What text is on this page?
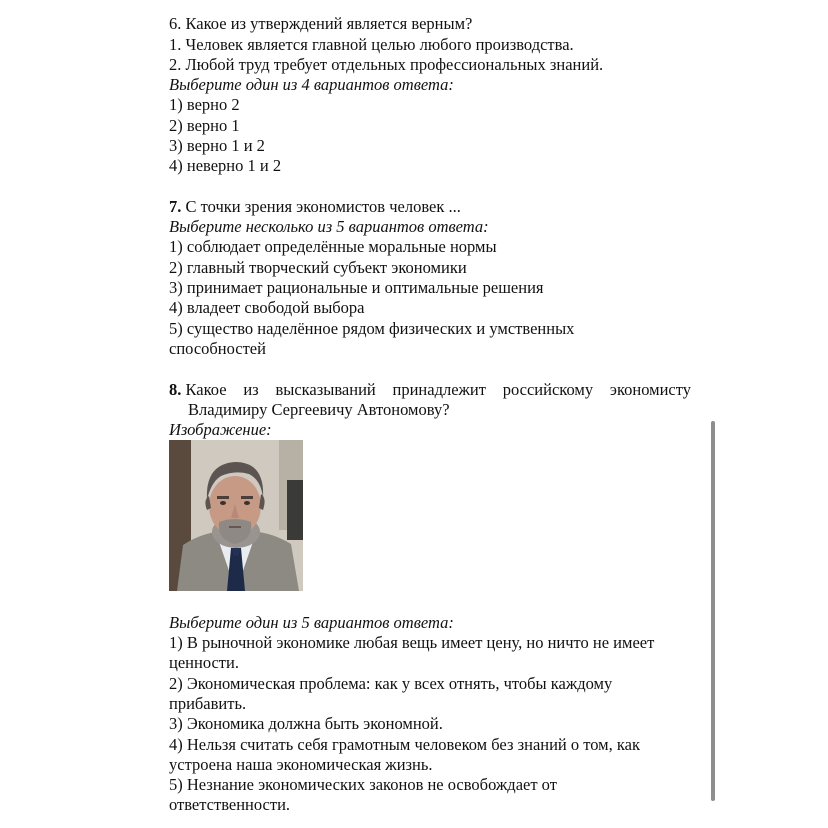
6. Какое из утверждений является верным?
1. Человек является главной целью любого производства.
2. Любой труд требует отдельных профессиональных знаний.
Выберите один из 4 вариантов ответа:
1) верно 2
2) верно 1
3) верно 1 и 2
4) неверно 1 и 2
7. С точки зрения экономистов человек ...
Выберите несколько из 5 вариантов ответа:
1) соблюдает определённые моральные нормы
2) главный творческий субъект экономики
3) принимает рациональные и оптимальные решения
4) владеет свободой выбора
5) существо наделённое рядом физических и умственных
способностей
8. Какое из высказываний принадлежит российскому экономисту
Владимиру Сергеевичу Автономову?
Изображение:
Выберите один из 5 вариантов ответа:
1) В рыночной экономике любая вещь имеет цену, но ничто не имеет
ценности.
2) Экономическая проблема: как у всех отнять, чтобы каждому
прибавить.
3) Экономика должна быть экономной.
4) Нельзя считать себя грамотным человеком без знаний о том, как
устроена наша экономическая жизнь.
5) Незнание экономических законов не освобождает от
ответственности.
